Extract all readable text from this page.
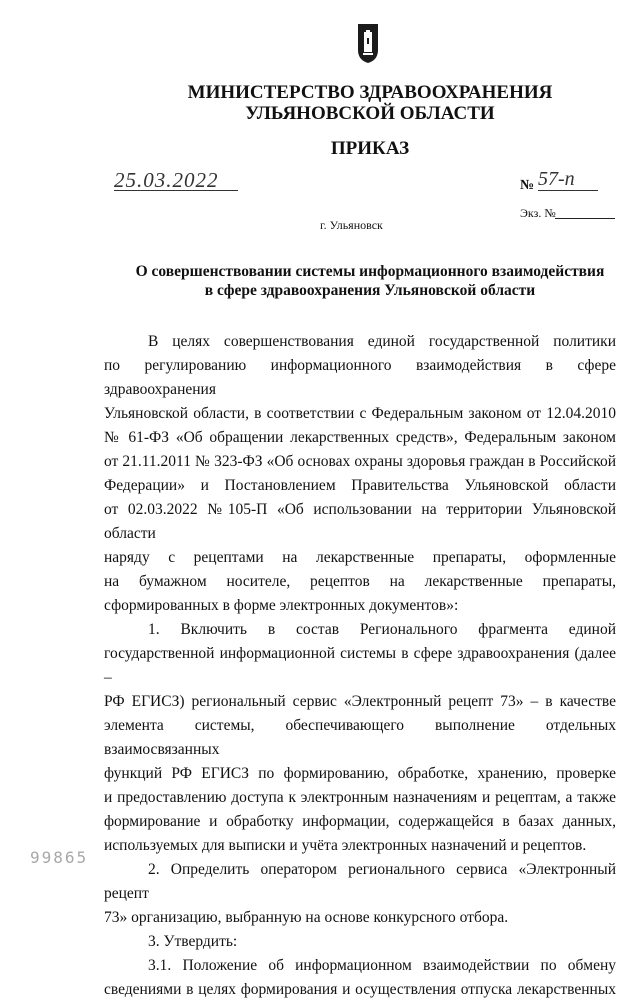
МИНИСТЕРСТВО ЗДРАВООХРАНЕНИЯ
УЛЬЯНОВСКОЙ ОБЛАСТИ
ПРИКАЗ
25.03.2022	№ 57-п
Экз. №
г. Ульяновск
О совершенствовании системы информационного взаимодействия
в сфере здравоохранения Ульяновской области

В целях совершенствования единой государственной политики

по регулированию информационного взаимодействия в сфере здравоохранения

Ульяновской области, в соответствии с Федеральным законом от 12.04.2010

№ 61-ФЗ «Об обращении лекарственных средств», Федеральным законом

от 21.11.2011 № 323-ФЗ «Об основах охраны здоровья граждан в Российской

Федерации» и Постановлением Правительства Ульяновской области

от 02.03.2022 №105-П «Об использовании на территории Ульяновской области

наряду с рецептами на лекарственные препараты, оформленные

на бумажном носителе, рецептов на лекарственные препараты,

сформированных в форме электронных документов»:

1. Включить в состав Регионального фрагмента единой

государственной информационной системы в сфере здравоохранения (далее –

РФ ЕГИСЗ) региональный сервис «Электронный рецепт 73» – в качестве

элемента системы, обеспечивающего выполнение отдельных взаимосвязанных

функций РФ ЕГИСЗ по формированию, обработке, хранению, проверке

и предоставлению доступа к электронным назначениям и рецептам, а также

формирование и обработку информации, содержащейся в базах данных,

используемых для выписки и учёта электронных назначений и рецептов.

2. Определить оператором регионального сервиса «Электронный рецепт

73» организацию, выбранную на основе конкурсного отбора.

3. Утвердить:

3.1. Положение об информационном взаимодействии по обмену

сведениями в целях формирования и осуществления отпуска лекарственных

99865
